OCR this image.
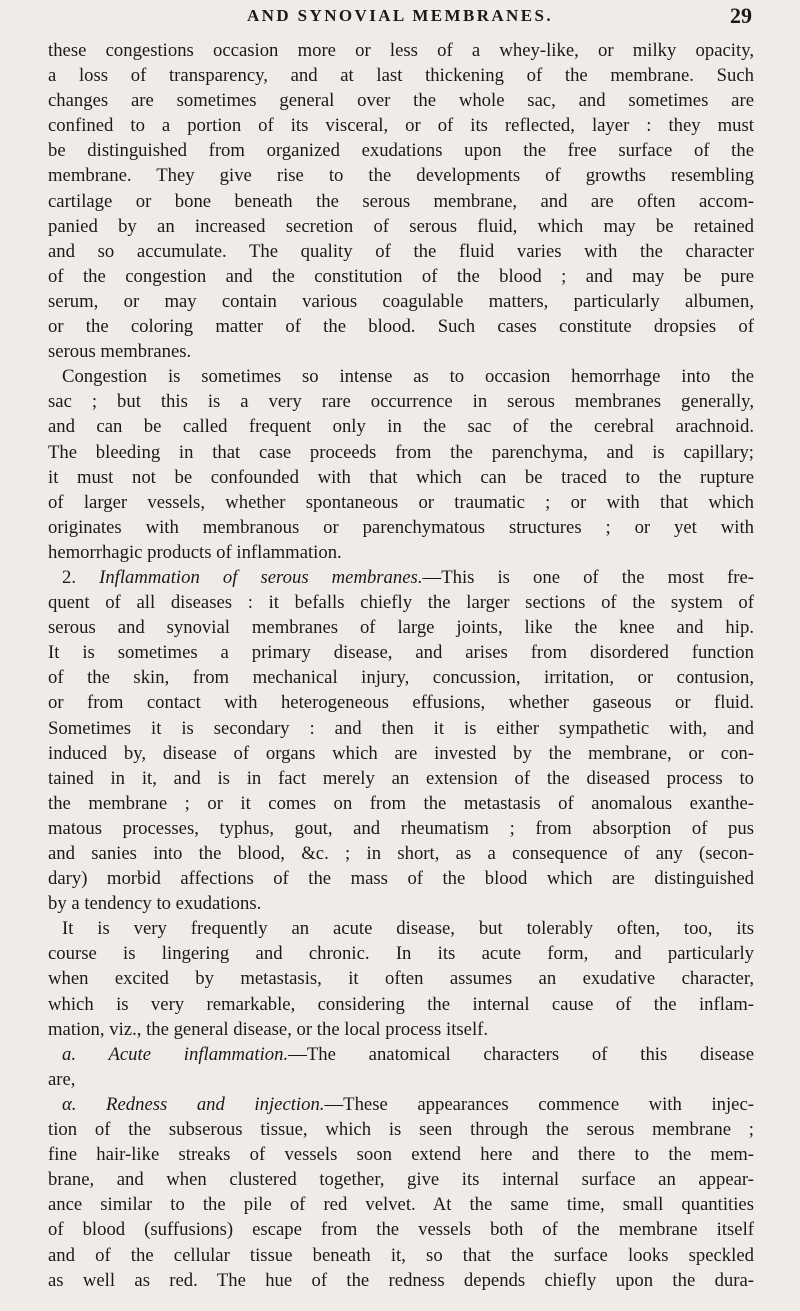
AND SYNOVIAL MEMBRANES.	29
these congestions occasion more or less of a whey-like, or milky opacity,
a loss of transparency, and at last thickening of the membrane. Such
changes are sometimes general over the whole sac, and sometimes are
confined to a portion of its visceral, or of its reflected, layer : they must
be distinguished from organized exudations upon the free surface of the
membrane. They give rise to the developments of growths resembling
cartilage or bone beneath the serous membrane, and are often accom-
panied by an increased secretion of serous fluid, which may be retained
and so accumulate. The quality of the fluid varies with the character
of the congestion and the constitution of the blood ; and may be pure
serum, or may contain various coagulable matters, particularly albumen,
or the coloring matter of the blood. Such cases constitute dropsies of
serous membranes.
Congestion is sometimes so intense as to occasion hemorrhage into the
sac ; but this is a very rare occurrence in serous membranes generally,
and can be called frequent only in the sac of the cerebral arachnoid.
The bleeding in that case proceeds from the parenchyma, and is capillary;
it must not be confounded with that which can be traced to the rupture
of larger vessels, whether spontaneous or traumatic ; or with that which
originates with membranous or parenchymatous structures ; or yet with
hemorrhagic products of inflammation.
2. Inflammation of serous membranes.—This is one of the most fre-
quent of all diseases : it befalls chiefly the larger sections of the system of
serous and synovial membranes of large joints, like the knee and hip.
It is sometimes a primary disease, and arises from disordered function
of the skin, from mechanical injury, concussion, irritation, or contusion,
or from contact with heterogeneous effusions, whether gaseous or fluid.
Sometimes it is secondary : and then it is either sympathetic with, and
induced by, disease of organs which are invested by the membrane, or con-
tained in it, and is in fact merely an extension of the diseased process to
the membrane ; or it comes on from the metastasis of anomalous exanthe-
matous processes, typhus, gout, and rheumatism ; from absorption of pus
and sanies into the blood, &c. ; in short, as a consequence of any (secon-
dary) morbid affections of the mass of the blood which are distinguished
by a tendency to exudations.
It is very frequently an acute disease, but tolerably often, too, its
course is lingering and chronic. In its acute form, and particularly
when excited by metastasis, it often assumes an exudative character,
which is very remarkable, considering the internal cause of the inflam-
mation, viz., the general disease, or the local process itself.
a. Acute inflammation.—The anatomical characters of this disease
are,
α. Redness and injection.—These appearances commence with injec-
tion of the subserous tissue, which is seen through the serous membrane ;
fine hair-like streaks of vessels soon extend here and there to the mem-
brane, and when clustered together, give its internal surface an appear-
ance similar to the pile of red velvet. At the same time, small quantities
of blood (suffusions) escape from the vessels both of the membrane itself
and of the cellular tissue beneath it, so that the surface looks speckled
as well as red. The hue of the redness depends chiefly upon the dura-
